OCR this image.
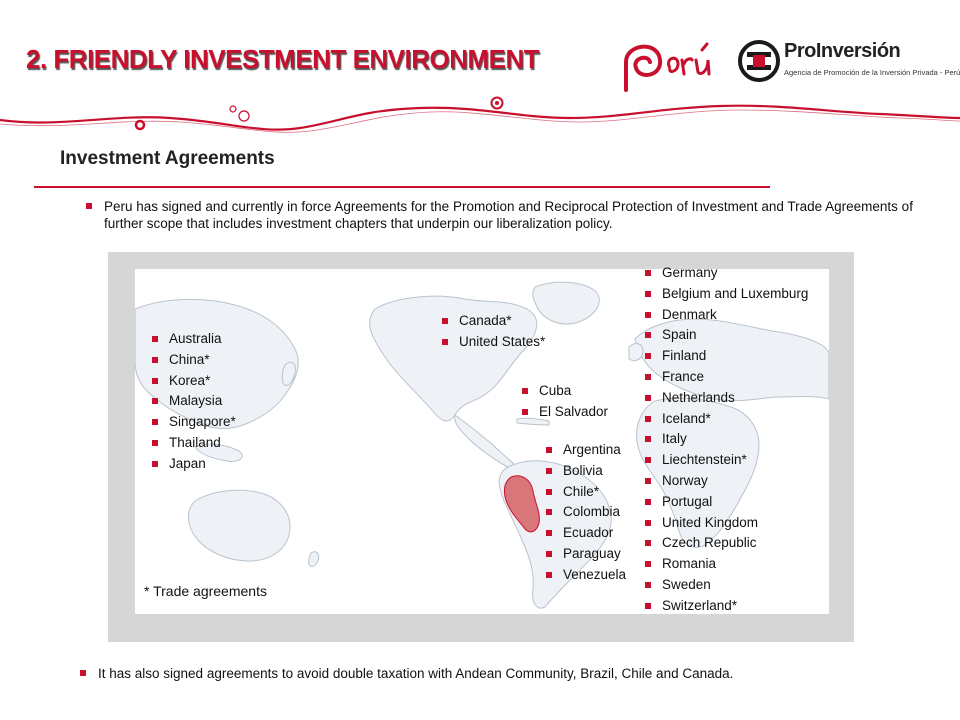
2. FRIENDLY INVESTMENT ENVIRONMENT	ProInversión
Agencia de Promoción de la Inversión Privada - Perú
Investment Agreements
Peru has signed and currently in force Agreements for the Promotion and Reciprocal Protection of Investment and Trade Agreements of further scope that includes investment chapters that underpin our liberalization policy.
Australia
China*
Korea*
Malaysia
Singapore*
Thailand
Japan
Canada*
United States*
Cuba
El Salvador
Argentina
Bolivia
Chile*
Colombia
Ecuador
Paraguay
Venezuela
Germany
Belgium and Luxemburg
Denmark
Spain
Finland
France
Netherlands
Iceland*
Italy
Liechtenstein*
Norway
Portugal
United Kingdom
Czech Republic
Romania
Sweden
Switzerland*
* Trade agreements
It has also signed agreements to avoid double taxation with Andean Community, Brazil, Chile and Canada.
